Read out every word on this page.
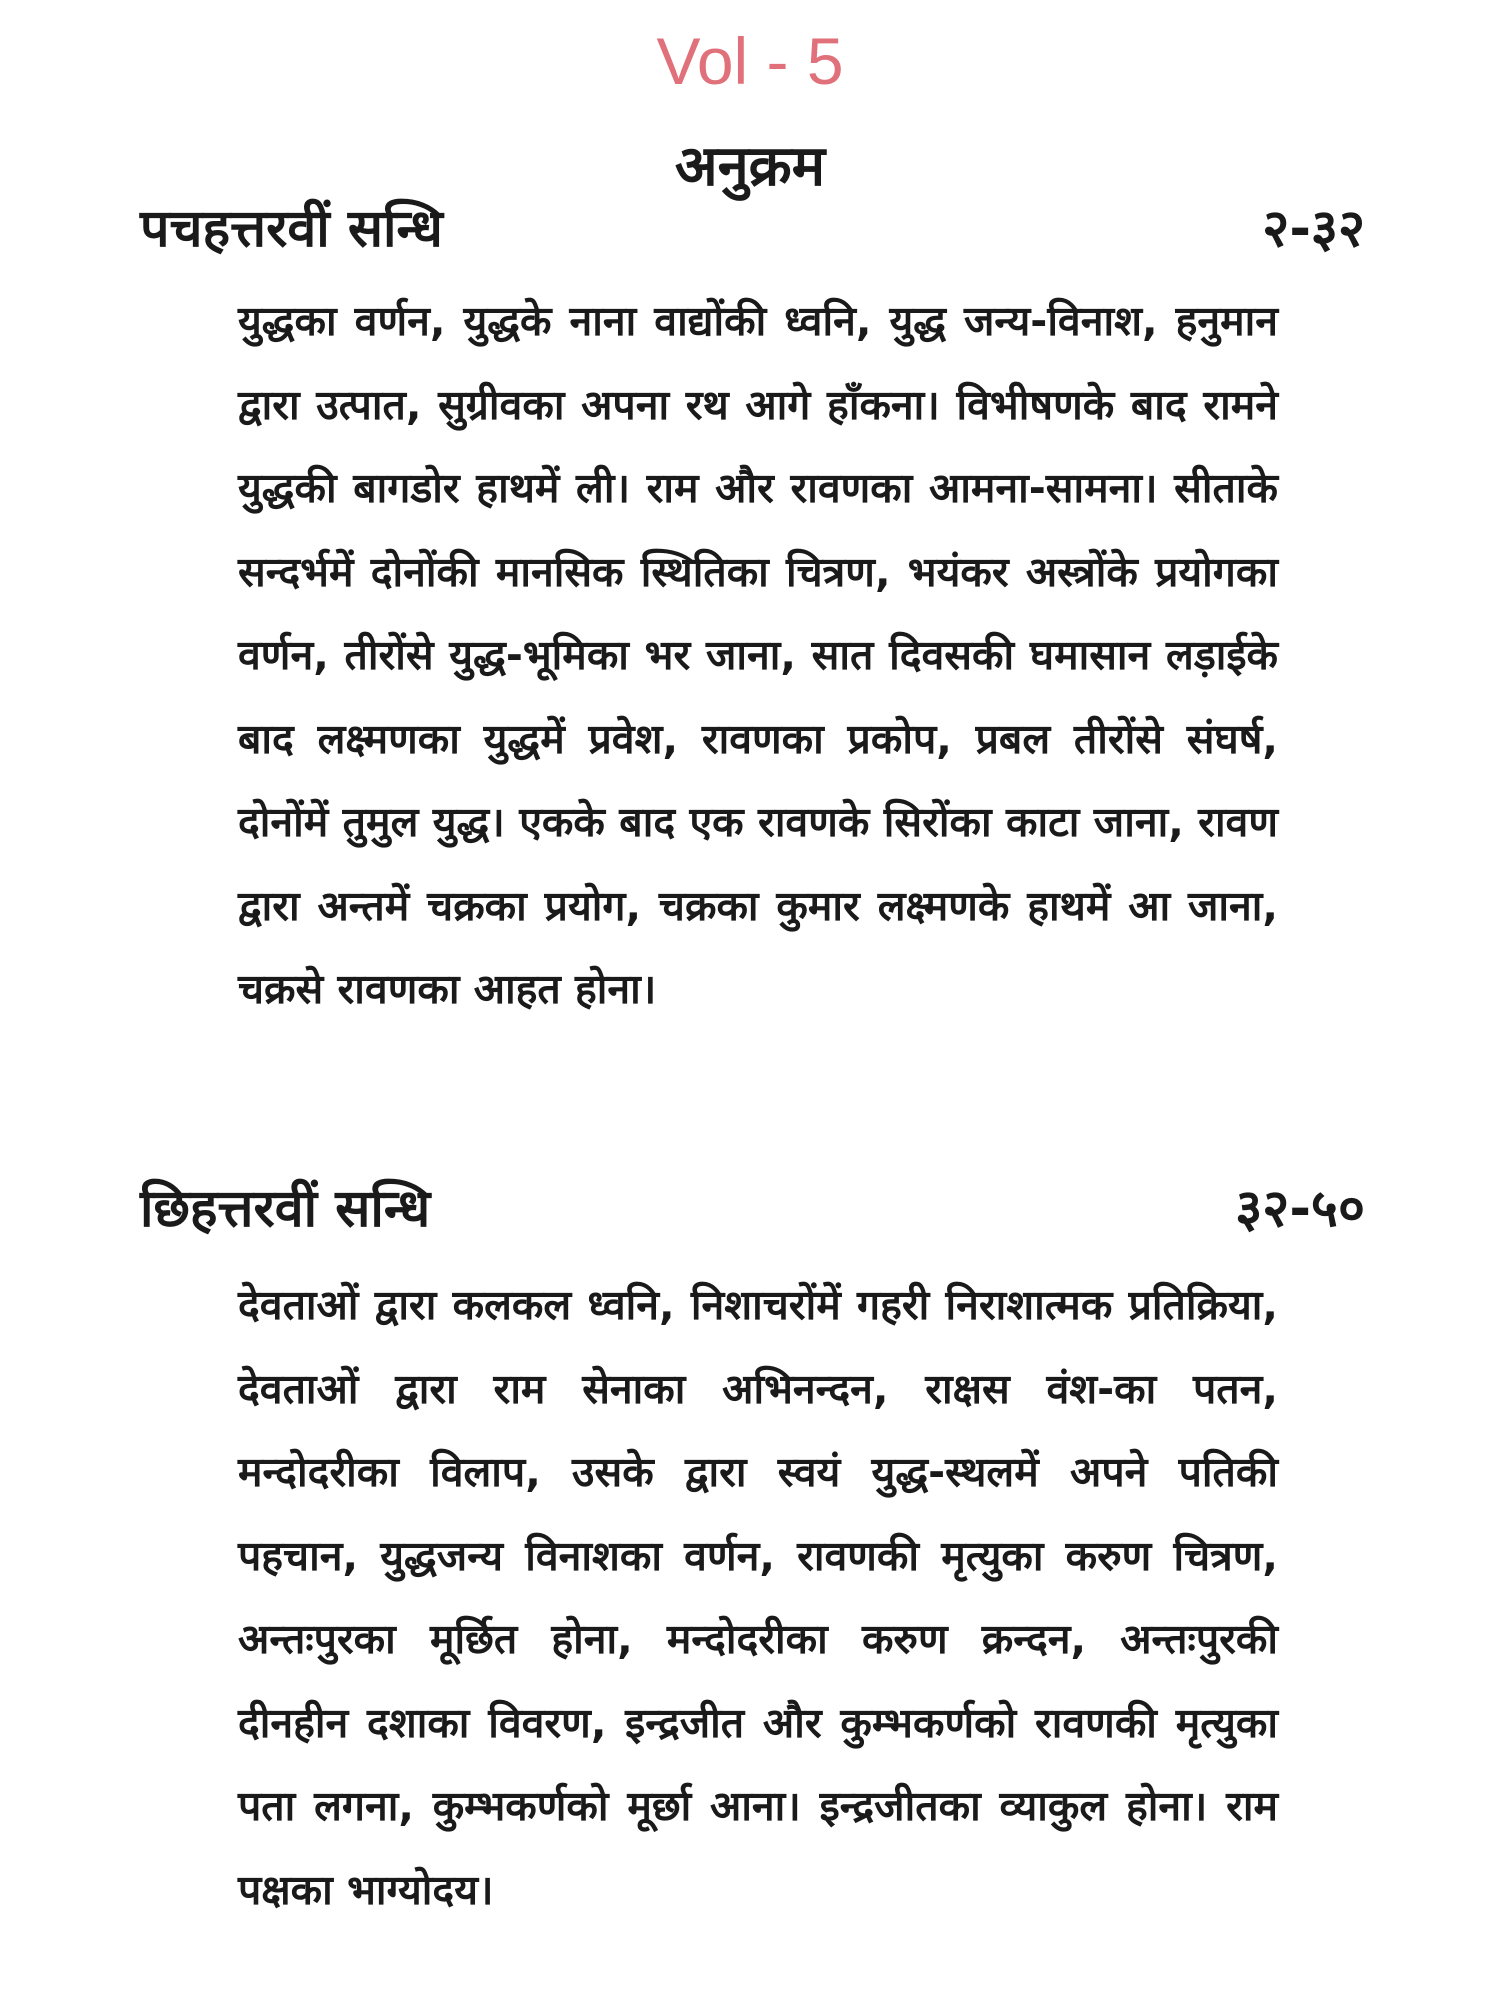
Vol - 5
अनुक्रम
पचहत्तरवीं सन्धि	२-३२
युद्धका वर्णन, युद्धके नाना वाद्योंकी ध्वनि, युद्ध जन्य-विनाश, हनुमान द्वारा उत्पात, सुग्रीवका अपना रथ आगे हाँकना। विभीषणके बाद रामने युद्धकी बागडोर हाथमें ली। राम और रावणका आमना-सामना। सीताके सन्दर्भमें दोनोंकी मानसिक स्थितिका चित्रण, भयंकर अस्त्रोंके प्रयोगका वर्णन, तीरोंसे युद्ध-भूमिका भर जाना, सात दिवसकी घमासान लड़ाईके बाद लक्ष्मणका युद्धमें प्रवेश, रावणका प्रकोप, प्रबल तीरोंसे संघर्ष, दोनोंमें तुमुल युद्ध। एकके बाद एक रावणके सिरोंका काटा जाना, रावण द्वारा अन्तमें चक्रका प्रयोग, चक्रका कुमार लक्ष्मणके हाथमें आ जाना, चक्रसे रावणका आहत होना।
छिहत्तरवीं सन्धि	३२-५०
देवताओं द्वारा कलकल ध्वनि, निशाचरोंमें गहरी निराशात्मक प्रतिक्रिया, देवताओं द्वारा राम सेनाका अभिनन्दन, राक्षस वंश-का पतन, मन्दोदरीका विलाप, उसके द्वारा स्वयं युद्ध-स्थलमें अपने पतिकी पहचान, युद्धजन्य विनाशका वर्णन, रावणकी मृत्युका करुण चित्रण, अन्तःपुरका मूर्छित होना, मन्दोदरीका करुण क्रन्दन, अन्तःपुरकी दीनहीन दशाका विवरण, इन्द्रजीत और कुम्भकर्णको रावणकी मृत्युका पता लगना, कुम्भकर्णको मूर्छा आना। इन्द्रजीतका व्याकुल होना। राम पक्षका भाग्योदय।
